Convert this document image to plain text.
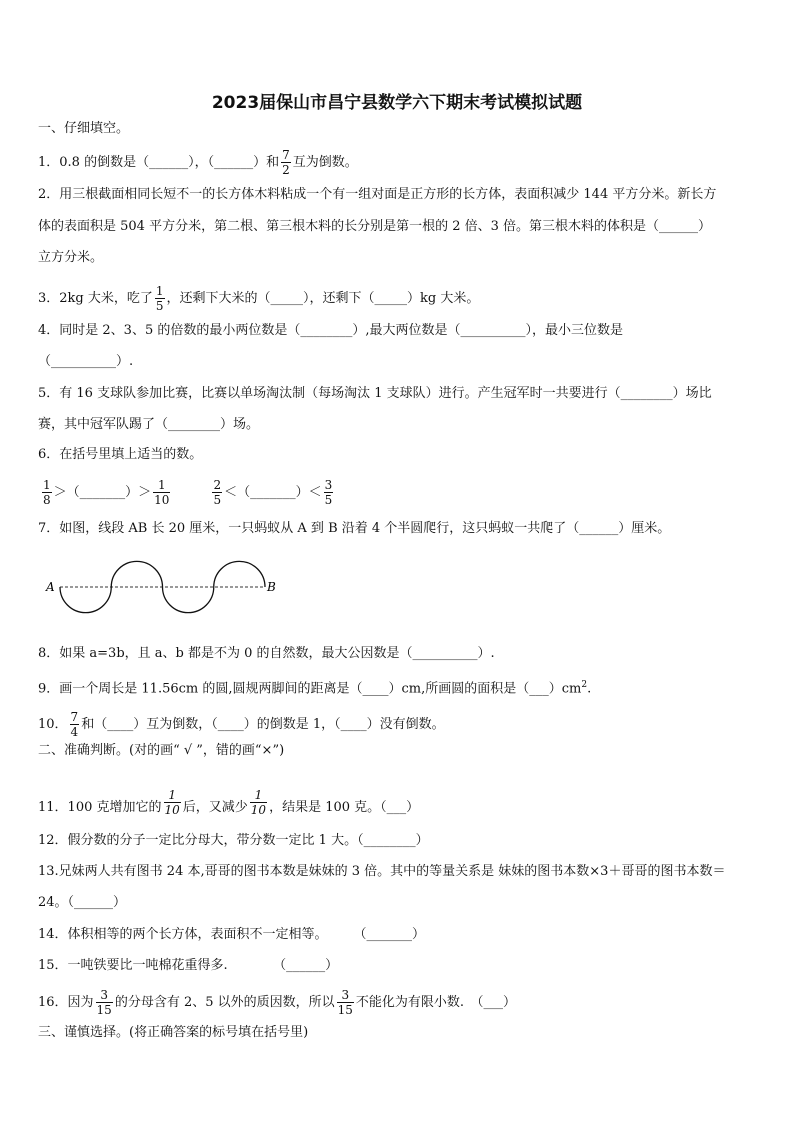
2023届保山市昌宁县数学六下期末考试模拟试题
一、仔细填空。
1．0.8 的倒数是（______），（______）和 $\frac{7}{2}$ 互为倒数。
2．用三根截面相同长短不一的长方体木料粘成一个有一组对面是正方形的长方体，表面积减少 144 平方分米。新长方
体的表面积是 504 平方分米，第二根、第三根木料的长分别是第一根的 2 倍、3 倍。第三根木料的体积是（______）
立方分米。
3．2kg 大米，吃了 $\frac{1}{5}$ ，还剩下大米的（_____），还剩下（_____）kg 大米。
4．同时是 2、3、5 的倍数的最小两位数是（________）,最大两位数是（__________），最小三位数是
（__________）.
5．有 16 支球队参加比赛，比赛以单场淘汰制（每场淘汰 1 支球队）进行。产生冠军时一共要进行（________）场比
赛，其中冠军队踢了（________）场。
6．在括号里填上适当的数。
$\frac{1}{8}$ ＞（_______）＞ $\frac{1}{10}$	$\frac{2}{5}$ ＜（_______）＜ $\frac{3}{5}$
7．如图，线段 AB 长 20 厘米，一只蚂蚁从 A 到 B 沿着 4 个半圆爬行，这只蚂蚁一共爬了（______）厘米。
A	B
8．如果 a=3b，且 a、b 都是不为 0 的自然数，最大公因数是（__________）.
9．画一个周长是 11.56cm 的圆,圆规两脚间的距离是（____）cm,所画圆的面积是$(\_\_\_)cm^2$.
10． $\frac{7}{4}$ 和（____）互为倒数，（____）的倒数是 1，（____）没有倒数。
二、准确判断。(对的画“ √ ”，错的画“×”)
11．100 克增加它的 $\frac{1}{10}$ 后，又减少 $\frac{1}{10}$ ，结果是 100 克。（___）
12．假分数的分子一定比分母大，带分数一定比 1 大。（________）
13.兄妹两人共有图书 24 本,哥哥的图书本数是妹妹的 3 倍。其中的等量关系是 妹妹的图书本数×3＋哥哥的图书本数＝
24。（______）
14．体积相等的两个长方体，表面积不一定相等。　　　（_______）
15．一吨铁要比一吨棉花重得多.　　　　（______）
16．因为 $\frac{3}{15}$ 的分母含有 2、5 以外的质因数，所以 $\frac{3}{15}$ 不能化为有限小数.　（___）
三、谨慎选择。(将正确答案的标号填在括号里)
